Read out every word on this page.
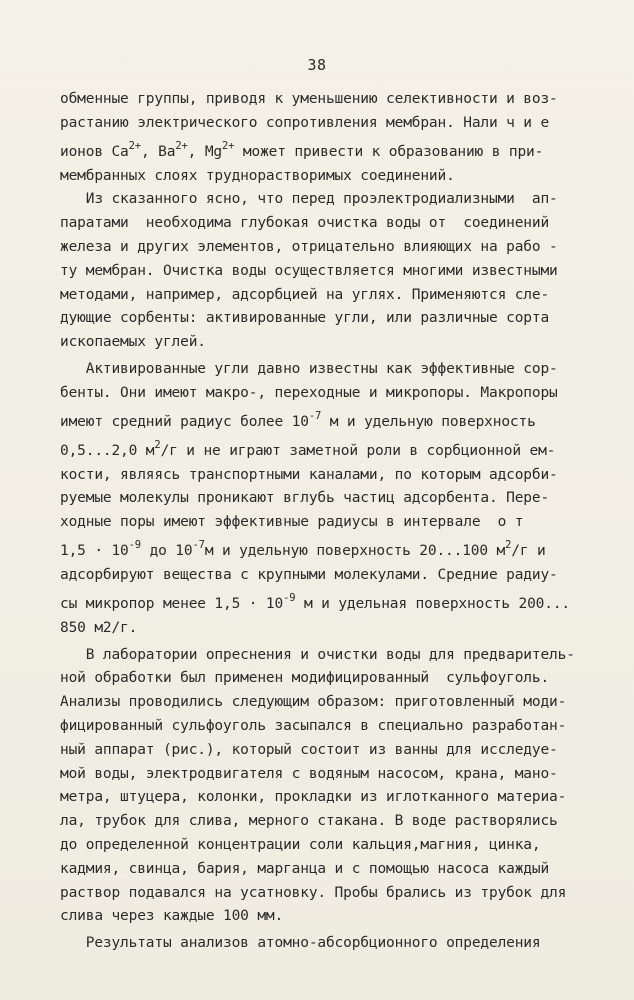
38
обменные группы, приводя к уменьшению селективности и воз-
растанию электрического сопротивления мембран. Нали ч и е
ионов $Ca^{2+}$, $Ba^{2+}$, $Mg^{2+}$ может привести к образованию в при-
мембранных слоях труднорастворимых соединений.
Из сказанного ясно, что перед проэлектродиализными  ап-
паратами  необходима глубокая очистка воды от  соединений
железа и других элементов, отрицательно влияющих на рабо -
ту мембран. Очистка воды осуществляется многими известными
методами, например, адсорбцией на углях. Применяются сле-
дующие сорбенты: активированные угли, или различные сорта
ископаемых углей.
Активированные угли давно известны как эффективные сор-
бенты. Они имеют макро-, переходные и микропоры. Макропоры
имеют средний радиус более $10^{-7}$ м и удельную поверхность
0,5...2,0 $м^2/г$ и не играют заметной роли в сорбционной ем-
кости, являясь транспортными каналами, по которым адсорби-
руемые молекулы проникают вглубь частиц адсорбента. Пере-
ходные поры имеют эффективные радиусы в интервале  о т
$1,5 \cdot 10^{-9}$ до $10^{-7}м$ и удельную поверхность 20...100 $м^2/г$ и
адсорбируют вещества с крупными молекулами. Средние радиу-
сы микропор менее $1,5 \cdot 10^{-9}$ м и удельная поверхность 200...
850 м2/г.
В лаборатории опреснения и очистки воды для предваритель-
ной обработки был применен модифицированный  сульфоуголь.
Анализы проводились следующим образом: приготовленный моди-
фицированный сульфоуголь засыпался в специально разработан-
ный аппарат (рис.), который состоит из ванны для исследуе-
мой воды, электродвигателя с водяным насосом, крана, мано-
метра, штуцера, колонки, прокладки из иглотканного материа-
ла, трубок для слива, мерного стакана. В воде растворялись
до определенной концентрации соли кальция,магния, цинка,
кадмия, свинца, бария, марганца и с помощью насоса каждый
раствор подавался на усатновку. Пробы брались из трубок для
слива через каждые 100 мм.
Результаты анализов атомно-абсорбционного определения
